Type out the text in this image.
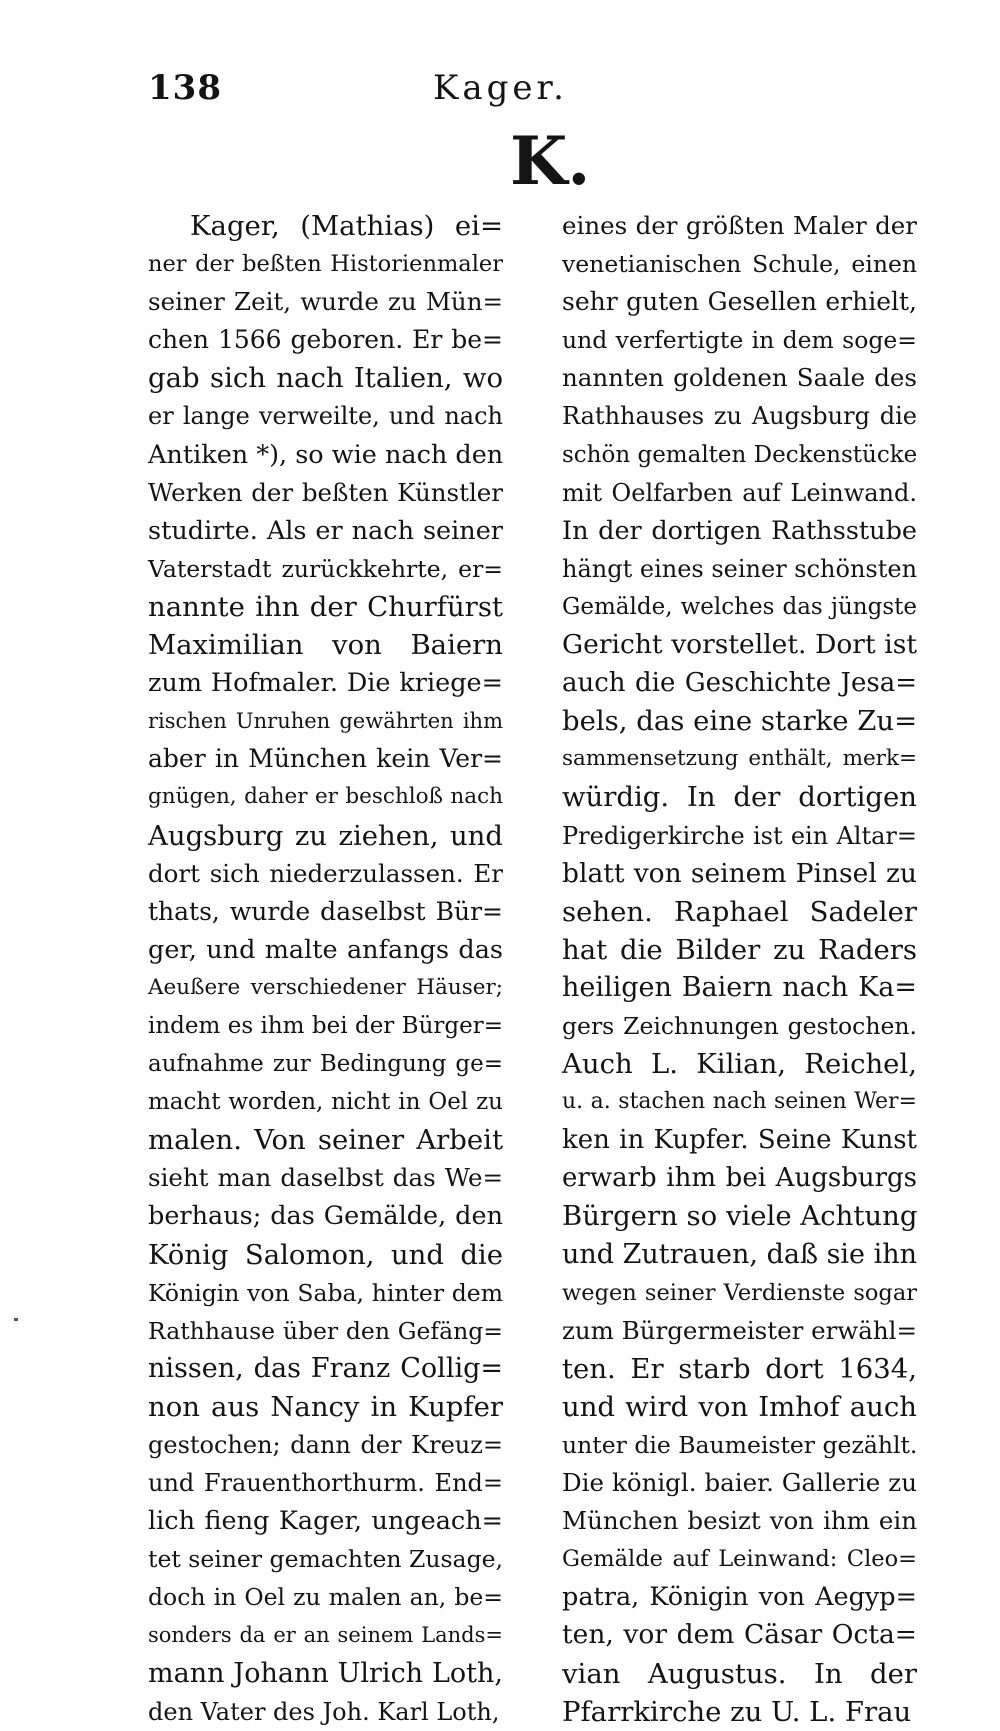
138	Kager.
K.
Kager, (Mathias) ei=
ner der beßten Historienmaler
seiner Zeit, wurde zu Mün=
chen 1566 geboren. Er be=
gab sich nach Italien, wo
er lange verweilte, und nach
Antiken *), so wie nach den
Werken der beßten Künstler
studirte. Als er nach seiner
Vaterstadt zurückkehrte, er=
nannte ihn der Churfürst
Maximilian von Baiern
zum Hofmaler. Die kriege=
rischen Unruhen gewährten ihm
aber in München kein Ver=
gnügen, daher er beschloß nach
Augsburg zu ziehen, und
dort sich niederzulassen. Er
thats, wurde daselbst Bür=
ger, und malte anfangs das
Aeußere verschiedener Häuser;
indem es ihm bei der Bürger=
aufnahme zur Bedingung ge=
macht worden, nicht in Oel zu
malen. Von seiner Arbeit
sieht man daselbst das We=
berhaus; das Gemälde, den
König Salomon, und die
Königin von Saba, hinter dem
Rathhause über den Gefäng=
nissen, das Franz Collig=
non aus Nancy in Kupfer
gestochen; dann der Kreuz=
und Frauenthorthurm. End=
lich fieng Kager, ungeach=
tet seiner gemachten Zusage,
doch in Oel zu malen an, be=
sonders da er an seinem Lands=
mann Johann Ulrich Loth,
den Vater des Joh. Karl Loth,
eines der größten Maler der
venetianischen Schule, einen
sehr guten Gesellen erhielt,
und verfertigte in dem soge=
nannten goldenen Saale des
Rathhauses zu Augsburg die
schön gemalten Deckenstücke
mit Oelfarben auf Leinwand.
In der dortigen Rathsstube
hängt eines seiner schönsten
Gemälde, welches das jüngste
Gericht vorstellet. Dort ist
auch die Geschichte Jesa=
bels, das eine starke Zu=
sammensetzung enthält, merk=
würdig. In der dortigen
Predigerkirche ist ein Altar=
blatt von seinem Pinsel zu
sehen. Raphael Sadeler
hat die Bilder zu Raders
heiligen Baiern nach Ka=
gers Zeichnungen gestochen.
Auch L. Kilian, Reichel,
u. a. stachen nach seinen Wer=
ken in Kupfer. Seine Kunst
erwarb ihm bei Augsburgs
Bürgern so viele Achtung
und Zutrauen, daß sie ihn
wegen seiner Verdienste sogar
zum Bürgermeister erwähl=
ten. Er starb dort 1634,
und wird von Imhof auch
unter die Baumeister gezählt.
Die königl. baier. Gallerie zu
München besizt von ihm ein
Gemälde auf Leinwand: Cleo=
patra, Königin von Aegyp=
ten, vor dem Cäsar Octa=
vian Augustus. In der
Pfarrkirche zu U. L. Frau
